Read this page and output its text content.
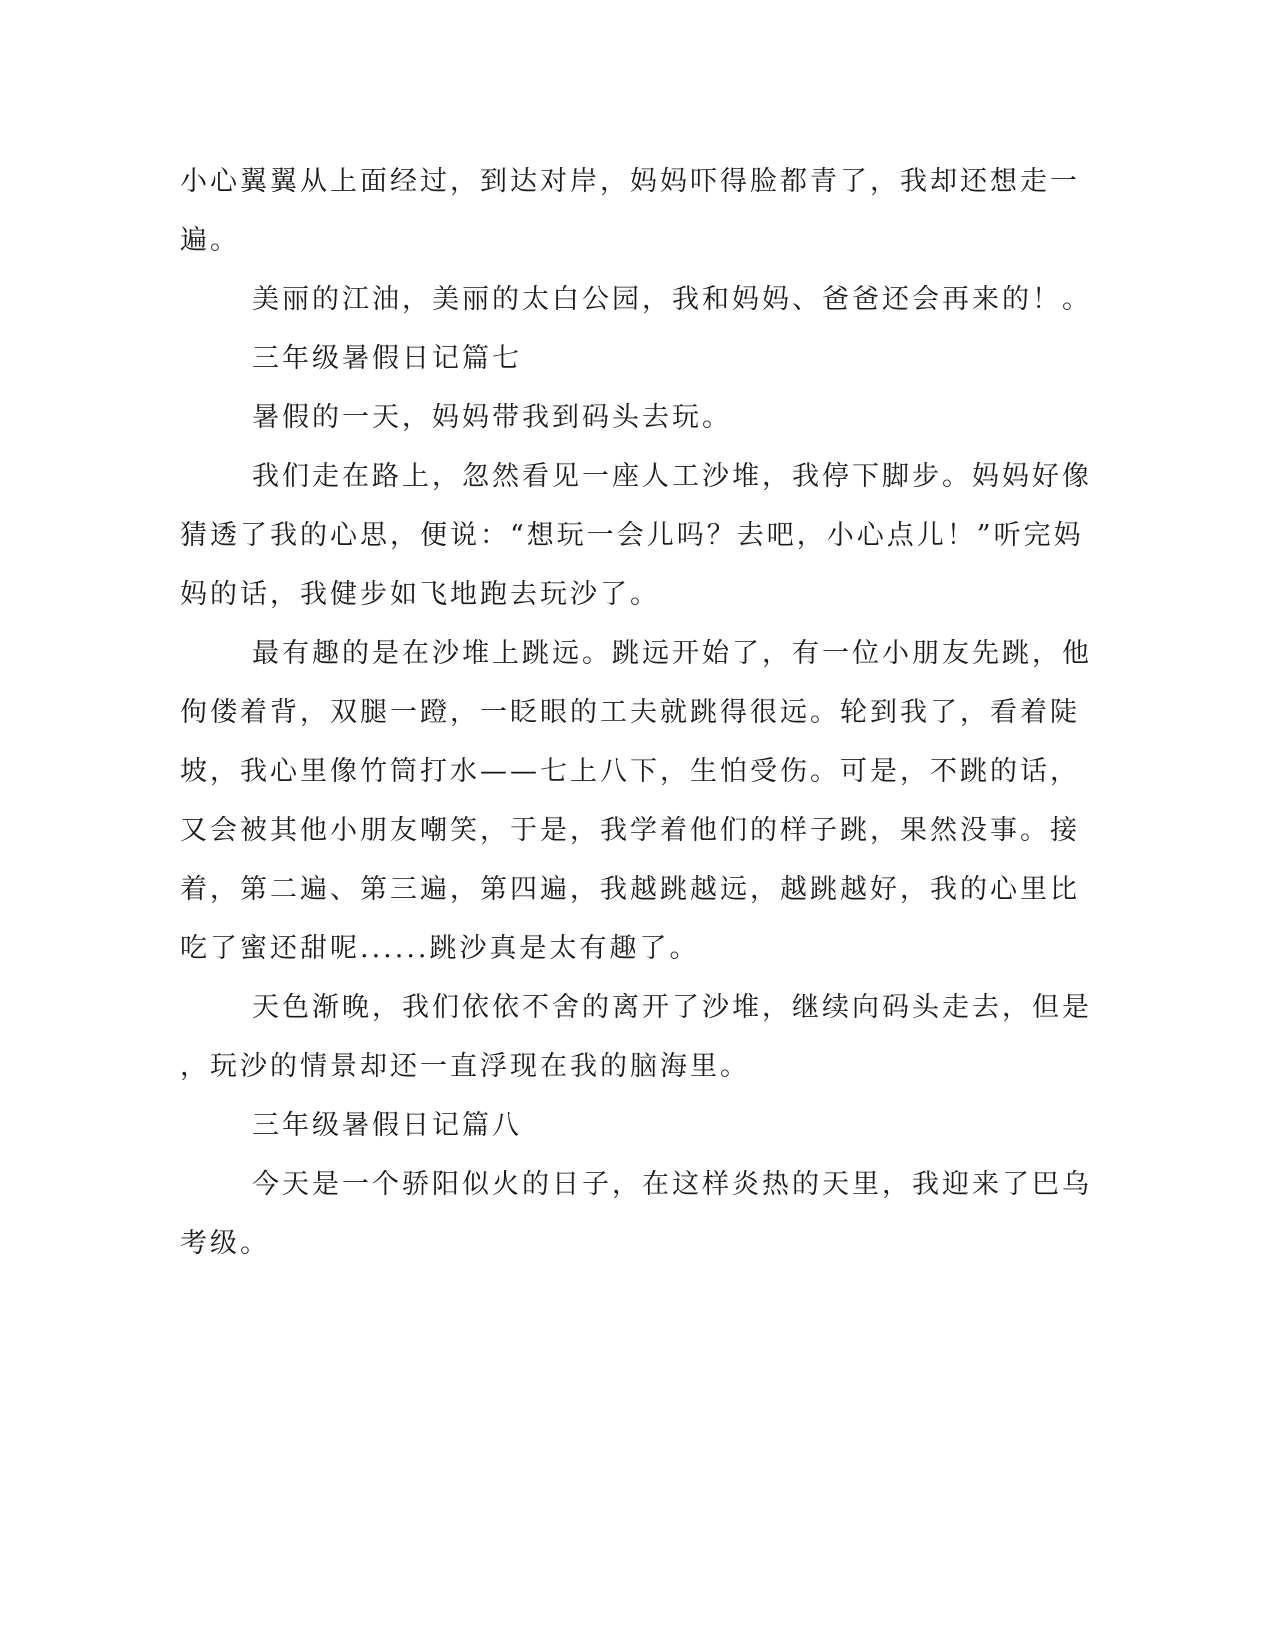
小心翼翼从上面经过，到达对岸，妈妈吓得脸都青了，我却还想走一
遍。
美丽的江油，美丽的太白公园，我和妈妈、爸爸还会再来的！。
三年级暑假日记篇七
暑假的一天，妈妈带我到码头去玩。
我们走在路上，忽然看见一座人工沙堆，我停下脚步。妈妈好像
猜透了我的心思，便说：“想玩一会儿吗？去吧，小心点儿！”听完妈
妈的话，我健步如飞地跑去玩沙了。
最有趣的是在沙堆上跳远。跳远开始了，有一位小朋友先跳，他
佝偻着背，双腿一蹬，一眨眼的工夫就跳得很远。轮到我了，看着陡
坡，我心里像竹筒打水——七上八下，生怕受伤。可是，不跳的话，
又会被其他小朋友嘲笑，于是，我学着他们的样子跳，果然没事。接
着，第二遍、第三遍，第四遍，我越跳越远，越跳越好，我的心里比
吃了蜜还甜呢......跳沙真是太有趣了。
天色渐晚，我们依依不舍的离开了沙堆，继续向码头走去，但是
，玩沙的情景却还一直浮现在我的脑海里。
三年级暑假日记篇八
今天是一个骄阳似火的日子，在这样炎热的天里，我迎来了巴乌
考级。
